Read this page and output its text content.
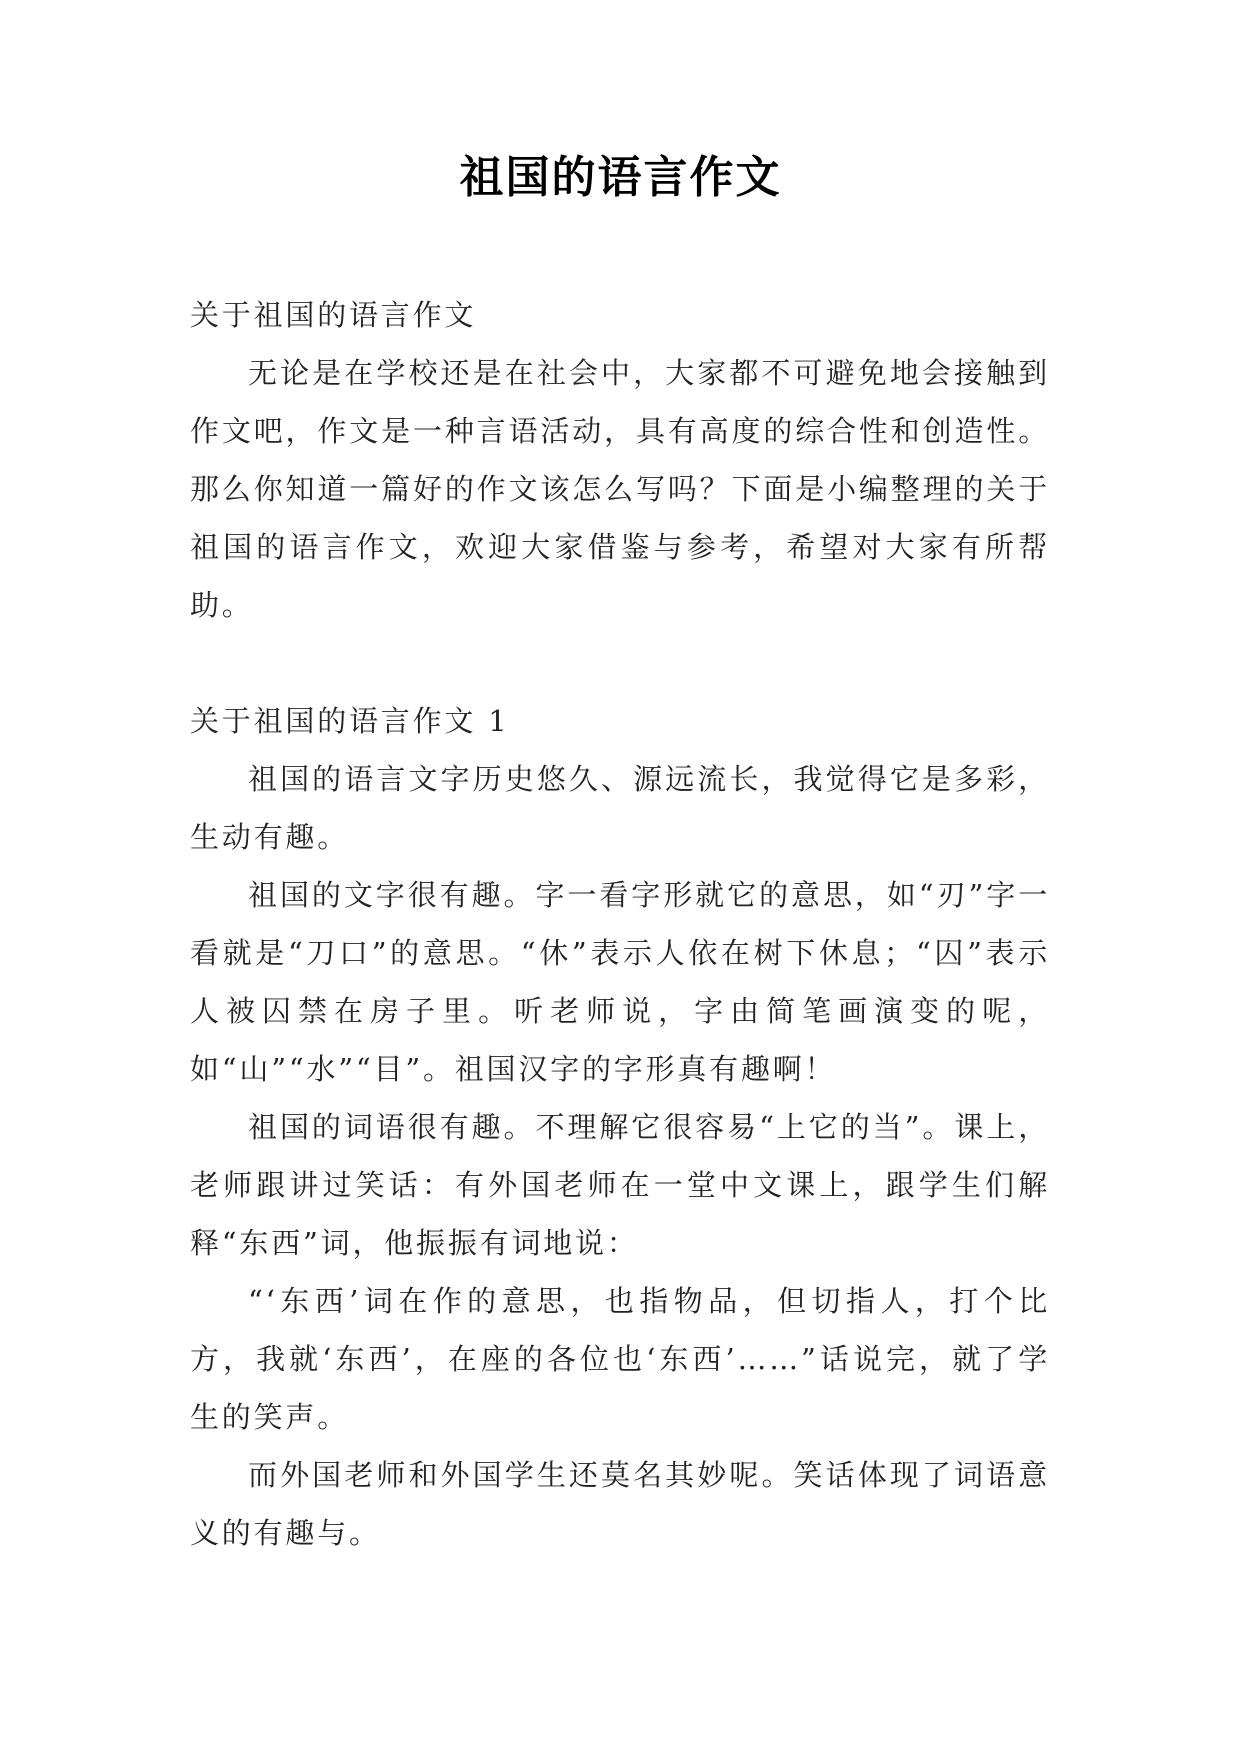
祖国的语言作文

关于祖国的语言作文

无论是在学校还是在社会中，大家都不可避免地会接触到作文吧，作文是一种言语活动，具有高度的综合性和创造性。那么你知道一篇好的作文该怎么写吗？下面是小编整理的关于祖国的语言作文，欢迎大家借鉴与参考，希望对大家有所帮助。

关于祖国的语言作文 1

祖国的语言文字历史悠久、源远流长，我觉得它是多彩，生动有趣。

祖国的文字很有趣。字一看字形就它的意思，如“刃”字一看就是“刀口”的意思。“休”表示人依在树下休息；“囚”表示人被囚禁在房子里。听老师说，字由简笔画演变的呢，如“山”“水”“目”。祖国汉字的字形真有趣啊！

祖国的词语很有趣。不理解它很容易“上它的当”。课上，老师跟讲过笑话：有外国老师在一堂中文课上，跟学生们解释“东西”词，他振振有词地说：

“‘东西’词在作的意思，也指物品，但切指人，打个比方，我就‘东西’，在座的各位也‘东西’……”话说完，就了学生的笑声。

而外国老师和外国学生还莫名其妙呢。笑话体现了词语意义的有趣与。
